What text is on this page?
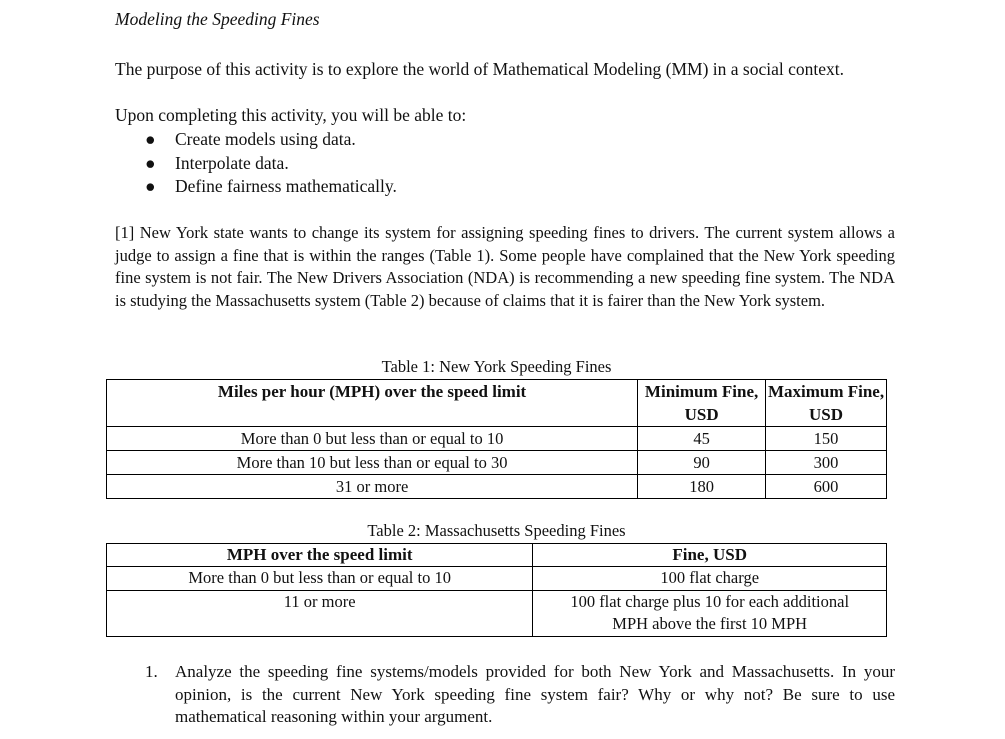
Modeling the Speeding Fines
The purpose of this activity is to explore the world of Mathematical Modeling (MM) in a social context.
Upon completing this activity, you will be able to:
● Create models using data.
● Interpolate data.
● Define fairness mathematically.
[1] New York state wants to change its system for assigning speeding fines to drivers. The current system allows a judge to assign a fine that is within the ranges (Table 1). Some people have complained that the New York speeding fine system is not fair. The New Drivers Association (NDA) is recommending a new speeding fine system. The NDA is studying the Massachusetts system (Table 2) because of claims that it is fairer than the New York system.
Table 1: New York Speeding Fines
Miles per hour (MPH) over the speed limit	Minimum Fine, USD	Maximum Fine, USD
More than 0 but less than or equal to 10	45	150
More than 10 but less than or equal to 30	90	300
31 or more	180	600
Table 2: Massachusetts Speeding Fines
MPH over the speed limit	Fine, USD
More than 0 but less than or equal to 10	100 flat charge
11 or more	100 flat charge plus 10 for each additional MPH above the first 10 MPH
1. Analyze the speeding fine systems/models provided for both New York and Massachusetts. In your opinion, is the current New York speeding fine system fair? Why or why not? Be sure to use mathematical reasoning within your argument.
